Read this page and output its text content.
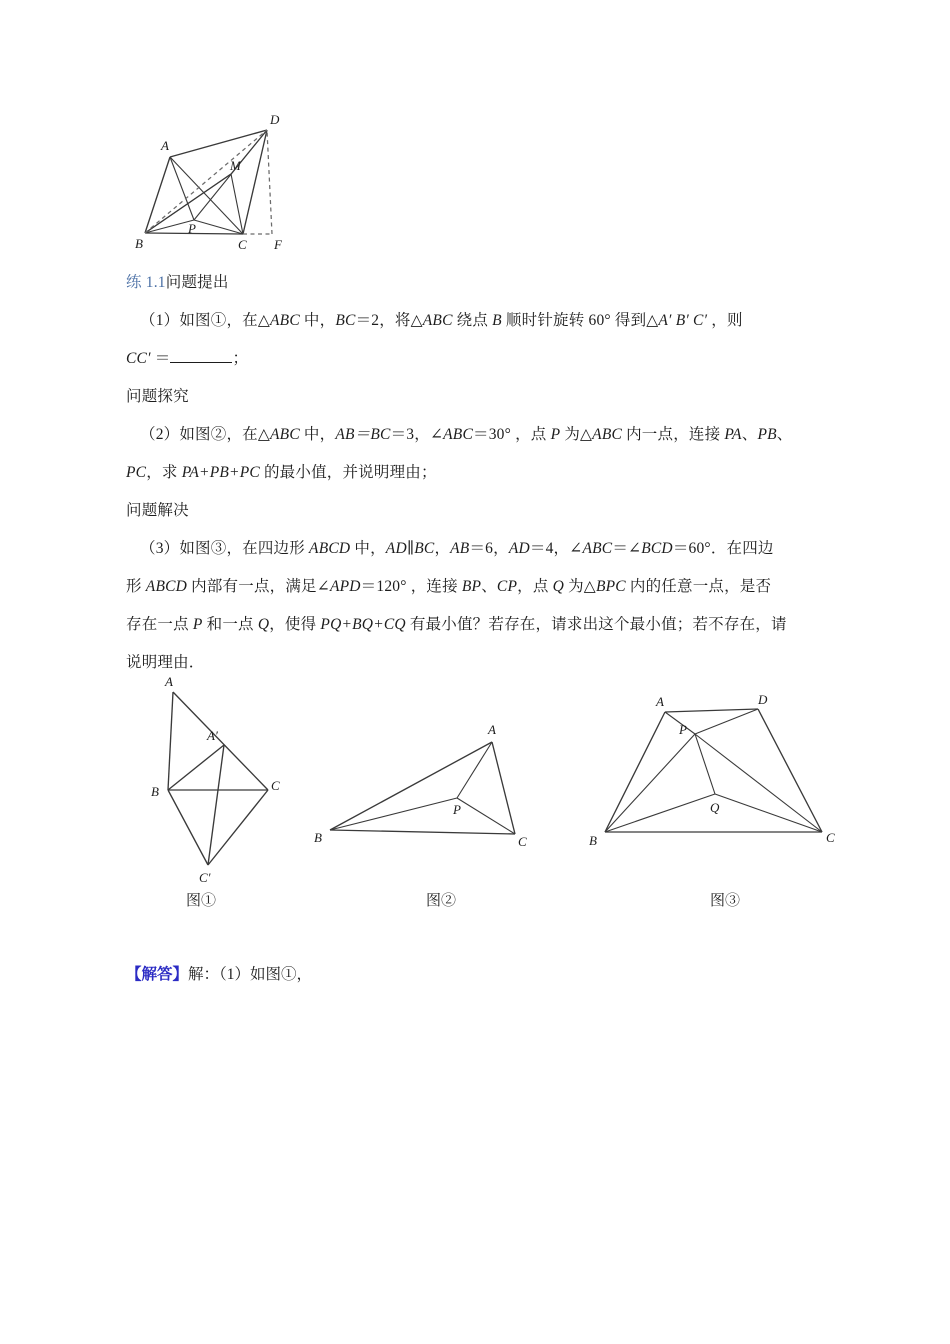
A
B	C
D
M
P
F
练 1.1问题提出
（1）如图①，在△ABC 中，BC＝2，将△ABC 绕点 B 顺时针旋转 60° 得到△A′ B′ C′ ，则
CC′ ＝	；
问题探究
（2）如图②，在△ABC 中，AB＝BC＝3，∠ABC＝30° ，点 P 为△ABC 内一点，连接 PA、PB、
PC，求 PA+PB+PC 的最小值，并说明理由；
问题解决
（3）如图③，在四边形 ABCD 中，AD∥BC，AB＝6，AD＝4，∠ABC＝∠BCD＝60°．在四边
形 ABCD 内部有一点，满足∠APD＝120° ，连接 BP、CP，点 Q 为△BPC 内的任意一点，是否
存在一点 P 和一点 Q，使得 PQ+BQ+CQ 有最小值？若存在，请求出这个最小值；若不存在，请
说明理由．
A
B	C
A′
C′
A
B	C
P
A	D
B	C
P
Q
图①	图②	图③
【解答】解：（1）如图①，
